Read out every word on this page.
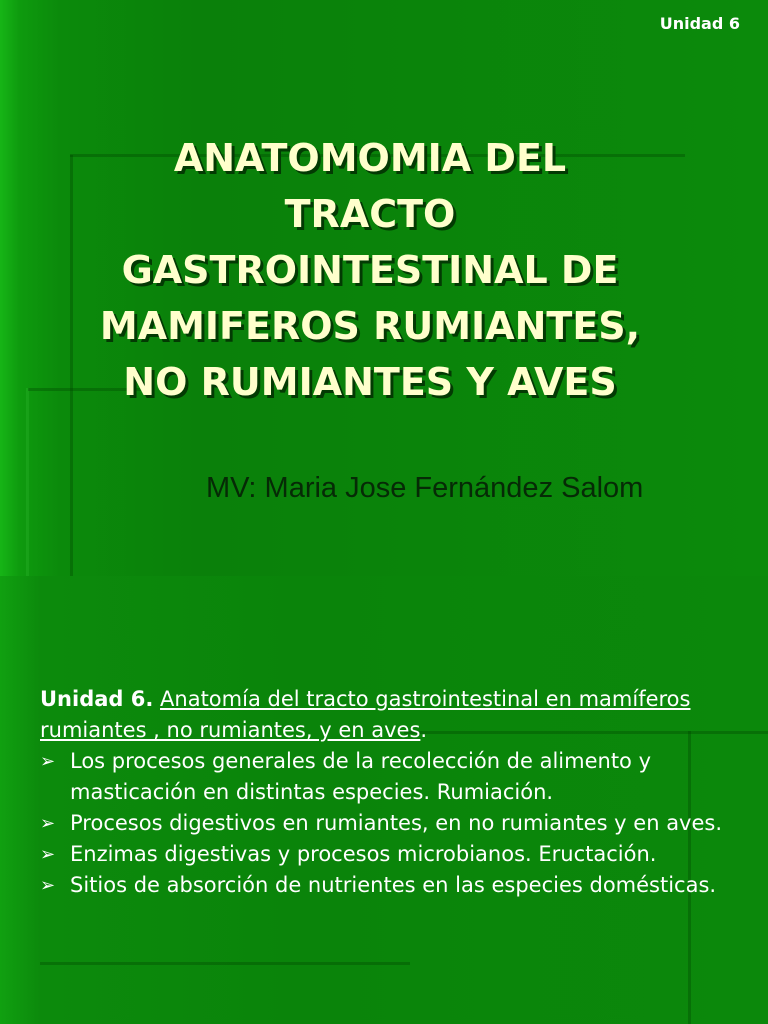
Unidad 6
ANATOMOMIA DEL
TRACTO
GASTROINTESTINAL DE
MAMIFEROS RUMIANTES,
NO RUMIANTES Y AVES
MV: Maria Jose Fernández Salom

Unidad 6. Anatomía del tracto gastrointestinal en mamíferos rumiantes , no rumiantes, y en aves.

➢ Los procesos generales de la recolección de alimento y masticación en distintas especies. Rumiación.
➢ Procesos digestivos en rumiantes, en no rumiantes y en aves.
➢ Enzimas digestivas y procesos microbianos. Eructación.
➢ Sitios de absorción de nutrientes en las especies domésticas.
